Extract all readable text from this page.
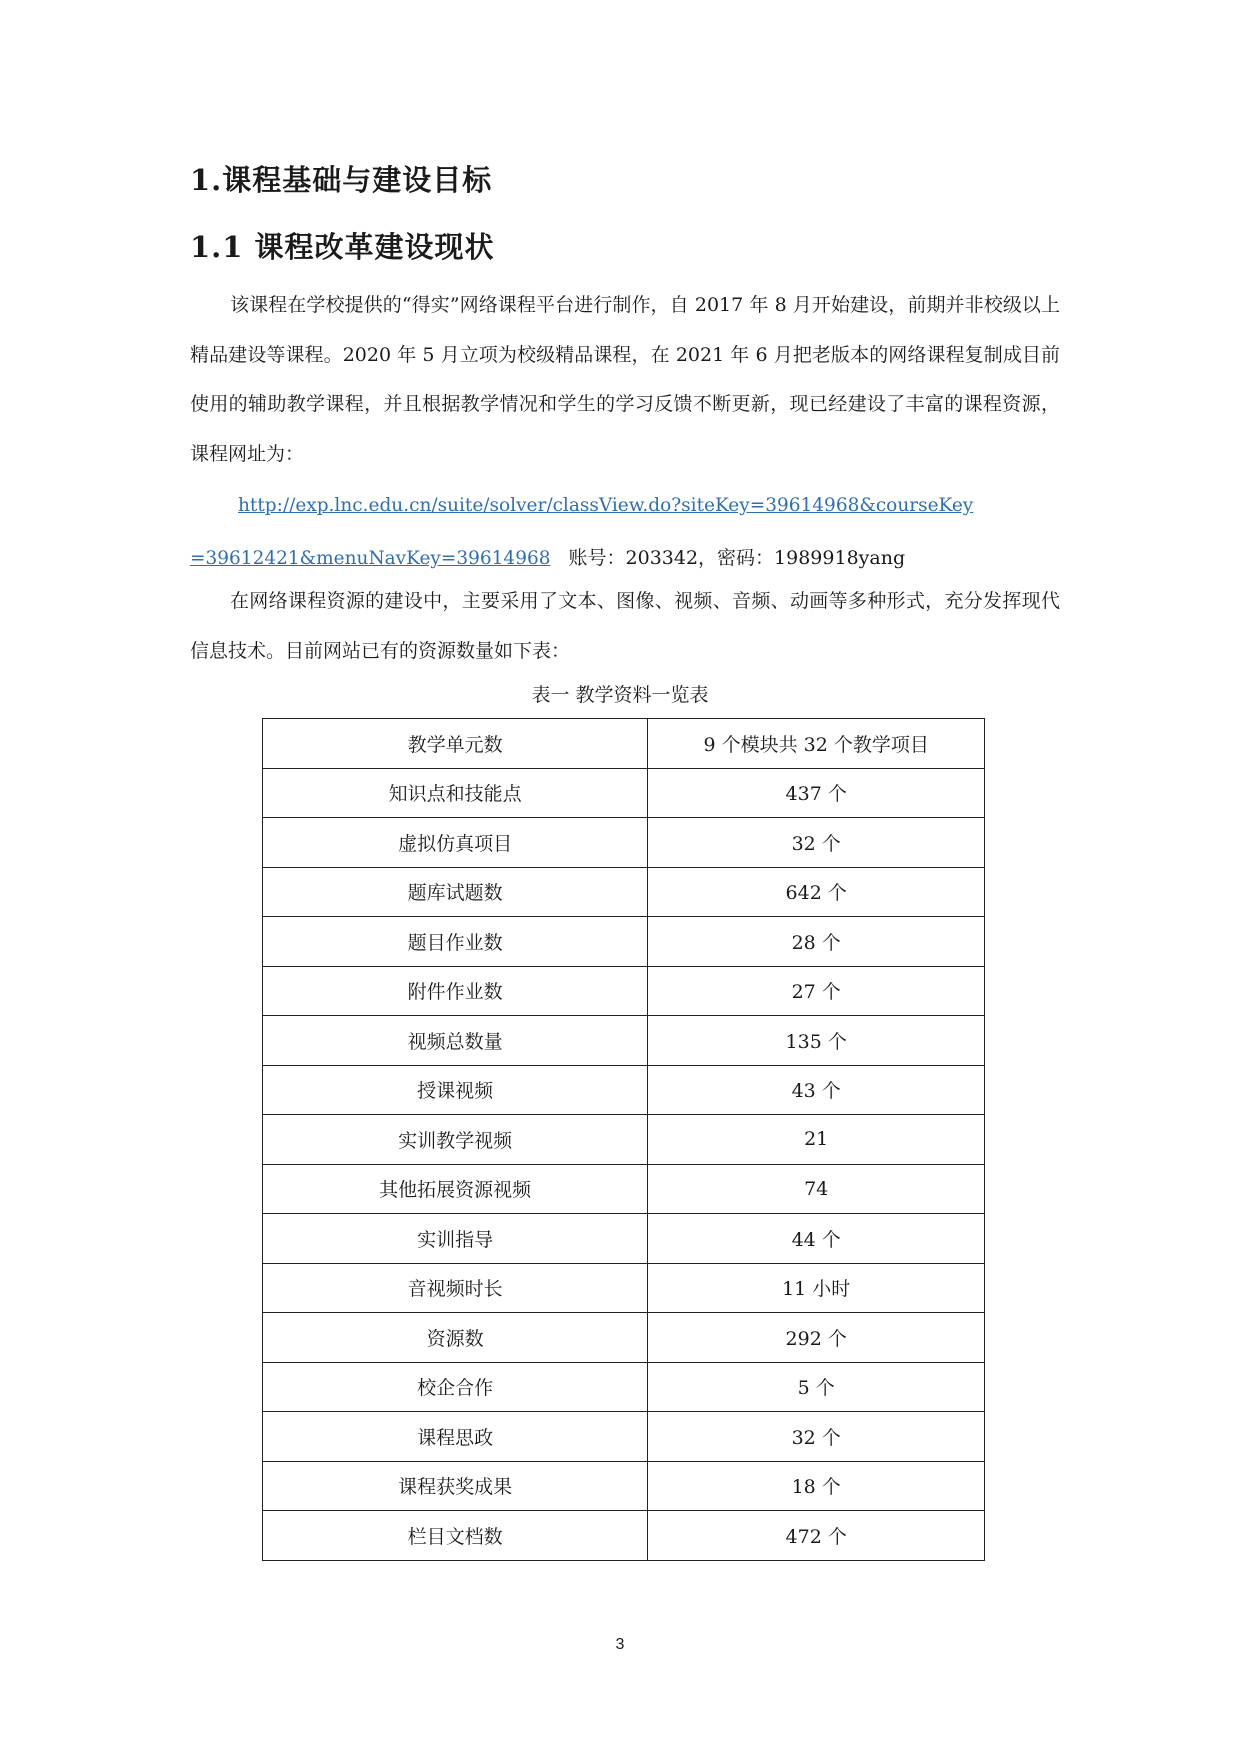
1.课程基础与建设目标
1.1 课程改革建设现状

该课程在学校提供的“得实”网络课程平台进行制作，自 2017 年 8 月开始建设，前期并非校级以上精品建设等课程。2020 年 5 月立项为校级精品课程，在 2021 年 6 月把老版本的网络课程复制成目前使用的辅助教学课程，并且根据教学情况和学生的学习反馈不断更新，现已经建设了丰富的课程资源，课程网址为：

http://exp.lnc.edu.cn/suite/solver/classView.do?siteKey=39614968&courseKey
=39612421&menuNavKey=39614968 账号：203342，密码：1989918yang

在网络课程资源的建设中，主要采用了文本、图像、视频、音频、动画等多种形式，充分发挥现代信息技术。目前网站已有的资源数量如下表：

表一 教学资料一览表

教学单元数	9 个模块共 32 个教学项目
知识点和技能点	437 个
虚拟仿真项目	32 个
题库试题数	642 个
题目作业数	28 个
附件作业数	27 个
视频总数量	135 个
授课视频	43 个
实训教学视频	21
其他拓展资源视频	74
实训指导	44 个
音视频时长	11 小时
资源数	292 个
校企合作	5 个
课程思政	32 个
课程获奖成果	18 个
栏目文档数	472 个

3
